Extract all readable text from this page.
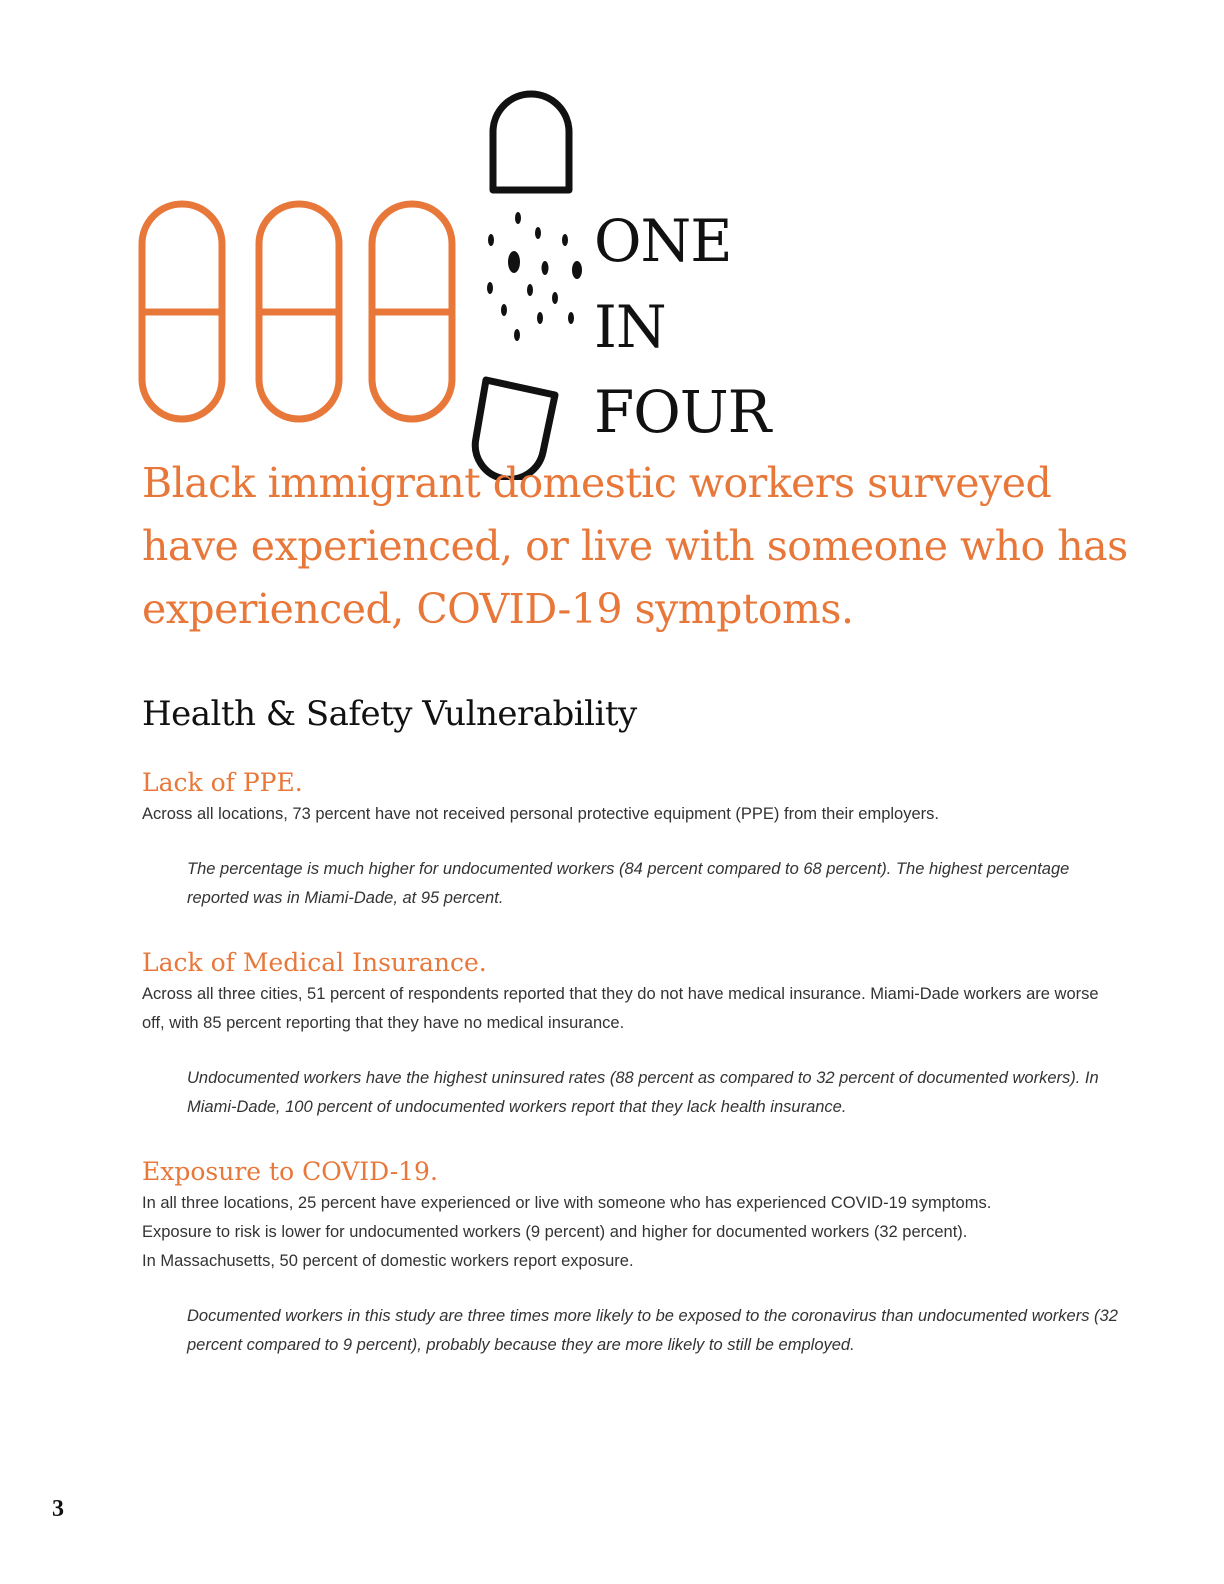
ONE
IN
FOUR
Black immigrant domestic workers surveyed have experienced, or live with someone who has experienced, COVID-19 symptoms.
Health & Safety Vulnerability
Lack of PPE.

Across all locations, 73 percent have not received personal protective equipment (PPE) from their employers.

The percentage is much higher for undocumented workers (84 percent compared to 68 percent). The highest percentage reported was in Miami-Dade, at 95 percent.

Lack of Medical Insurance.

Across all three cities, 51 percent of respondents reported that they do not have medical insurance. Miami-Dade workers are worse off, with 85 percent reporting that they have no medical insurance.

Undocumented workers have the highest uninsured rates (88 percent as compared to 32 percent of documented workers). In Miami-Dade, 100 percent of undocumented workers report that they lack health insurance.

Exposure to COVID-19.

In all three locations, 25 percent have experienced or live with someone who has experienced COVID-19 symptoms.

Exposure to risk is lower for undocumented workers (9 percent) and higher for documented workers (32 percent).

In Massachusetts, 50 percent of domestic workers report exposure.

Documented workers in this study are three times more likely to be exposed to the coronavirus than undocumented workers (32 percent compared to 9 percent), probably because they are more likely to still be employed.

3
